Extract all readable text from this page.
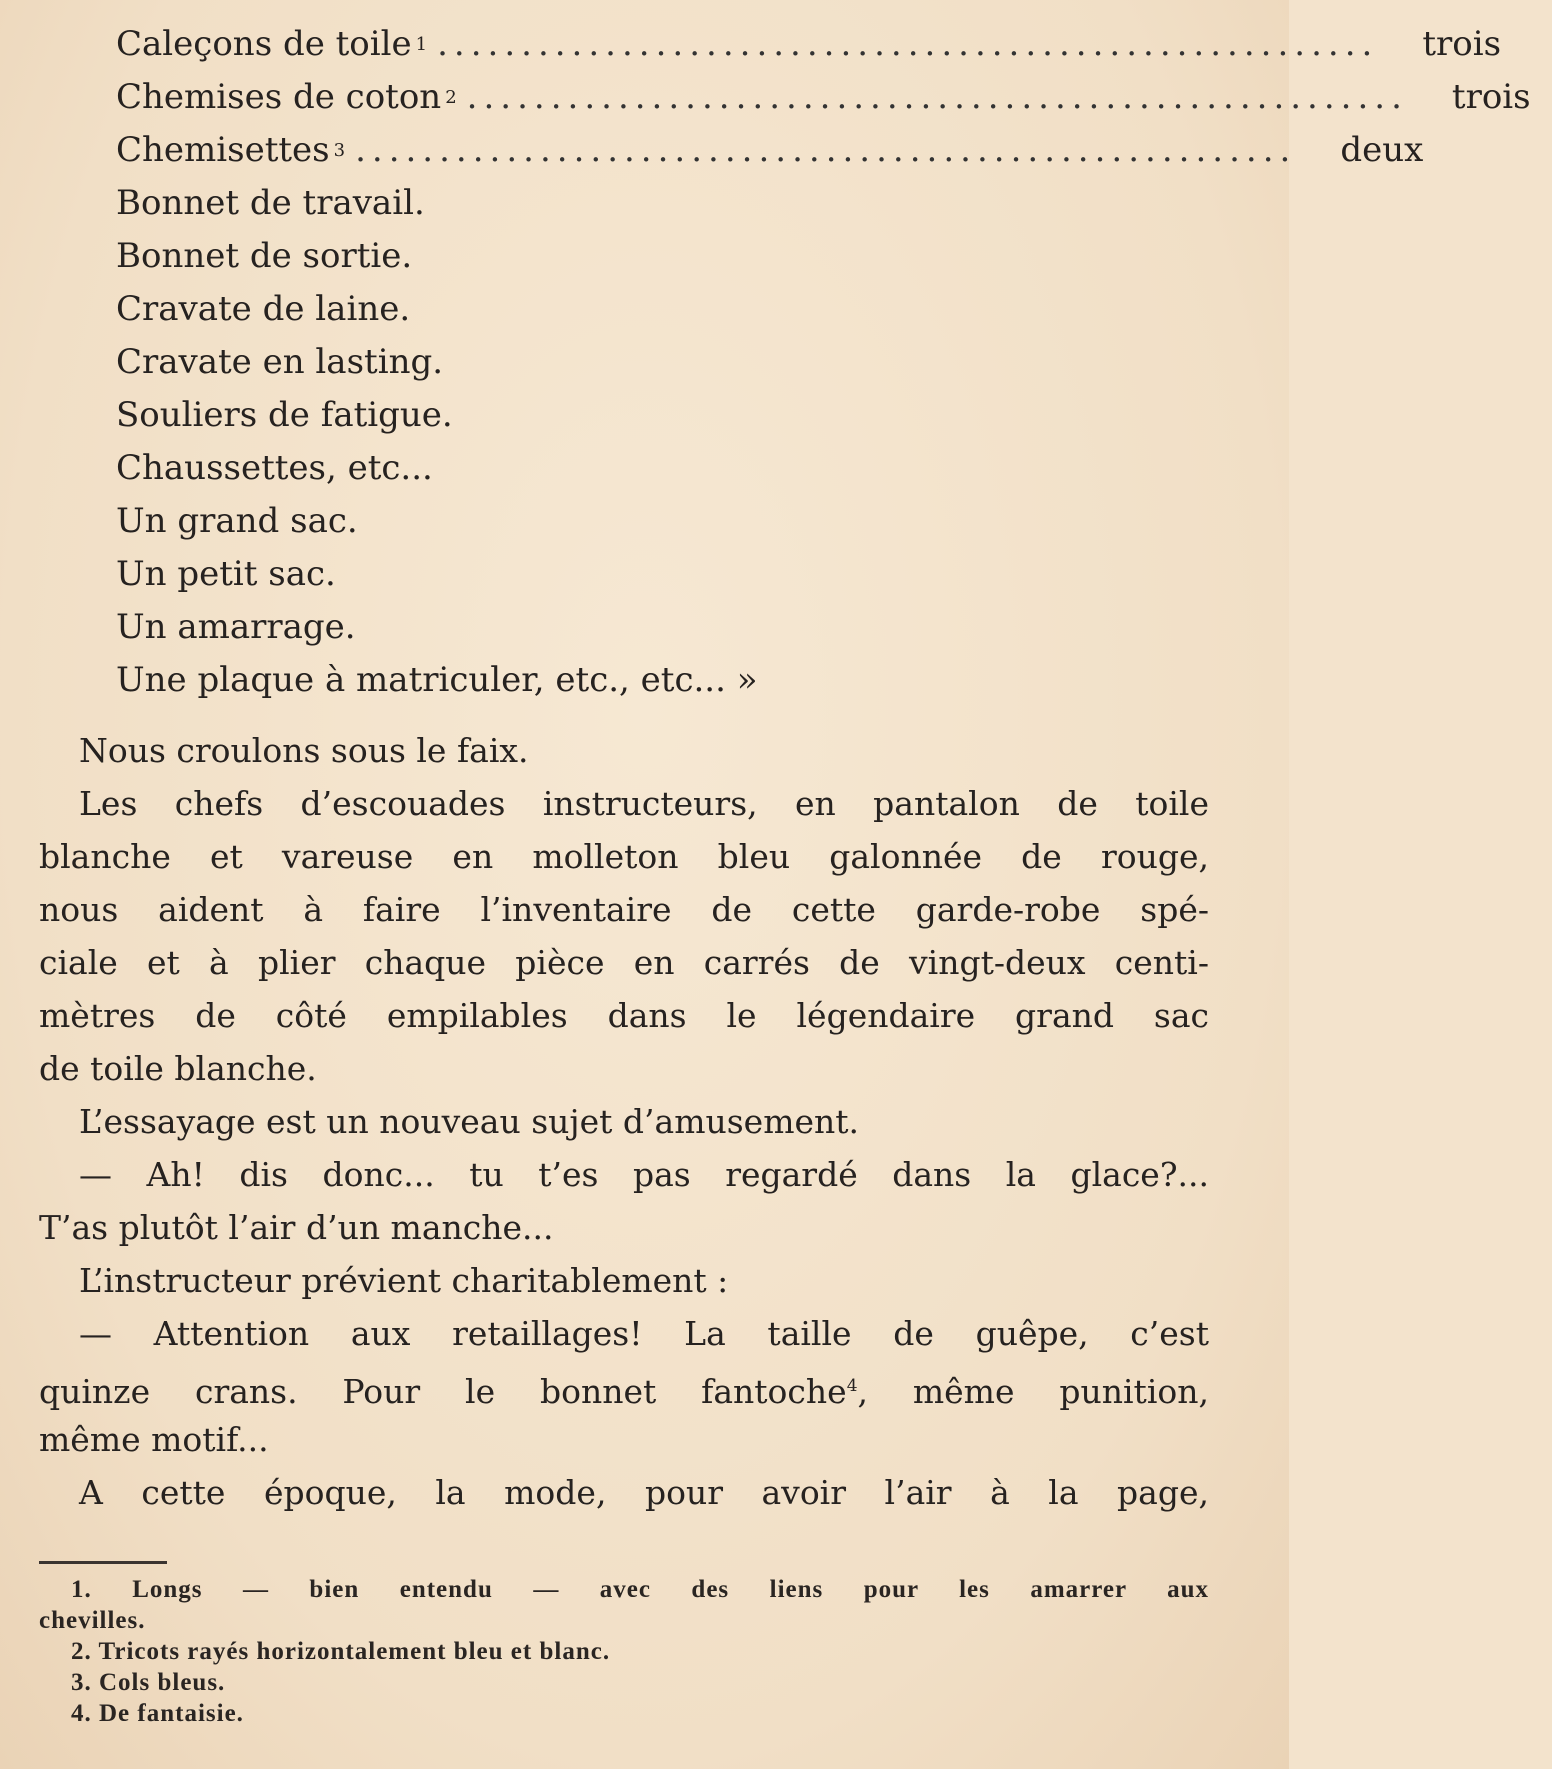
Caleçons de toile 1 ........................................................ trois
Chemises de coton 2 ........................................................ trois
Chemisettes 3 ........................................................ deux
Bonnet de travail.
Bonnet de sortie.
Cravate de laine.
Cravate en lasting.
Souliers de fatigue.
Chaussettes, etc...
Un grand sac.
Un petit sac.
Un amarrage.
Une plaque à matriculer, etc., etc... »
Nous croulons sous le faix.
Les chefs d’escouades instructeurs, en pantalon de toile
blanche et vareuse en molleton bleu galonnée de rouge,
nous aident à faire l’inventaire de cette garde-robe spé-
ciale et à plier chaque pièce en carrés de vingt-deux centi-
mètres de côté empilables dans le légendaire grand sac
de toile blanche.
L’essayage est un nouveau sujet d’amusement.
— Ah! dis donc... tu t’es pas regardé dans la glace?...
T’as plutôt l’air d’un manche...
L’instructeur prévient charitablement :
— Attention aux retaillages! La taille de guêpe, c’est
quinze crans. Pour le bonnet fantoche$^4$, même punition,
même motif...
A cette époque, la mode, pour avoir l’air à la page,
1. Longs — bien entendu — avec des liens pour les amarrer aux
chevilles.
2. Tricots rayés horizontalement bleu et blanc.
3. Cols bleus.
4. De fantaisie.
